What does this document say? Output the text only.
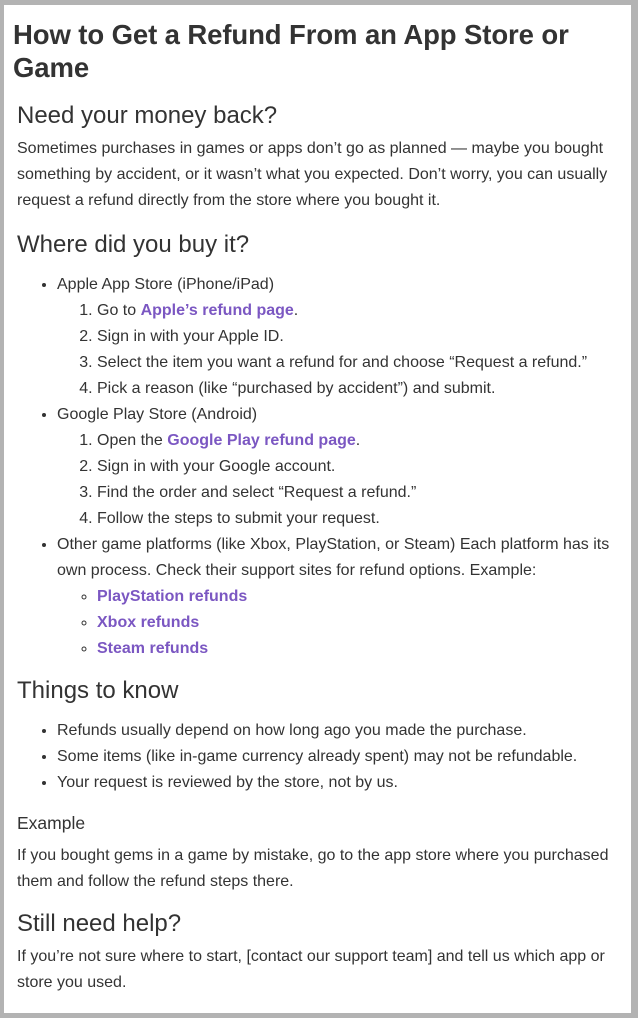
How to Get a Refund From an App Store or Game
Need your money back?

Sometimes purchases in games or apps don’t go as planned — maybe you bought something by accident, or it wasn’t what you expected. Don’t worry, you can usually request a refund directly from the store where you bought it.

Where did you buy it?
• Apple App Store (iPhone/iPad)
1. Go to Apple’s refund page.
2. Sign in with your Apple ID.
3. Select the item you want a refund for and choose “Request a refund.”
4. Pick a reason (like “purchased by accident”) and submit.
• Google Play Store (Android)
1. Open the Google Play refund page.
2. Sign in with your Google account.
3. Find the order and select “Request a refund.”
4. Follow the steps to submit your request.
• Other game platforms (like Xbox, PlayStation, or Steam) Each platform has its own process. Check their support sites for refund options. Example:
◦ PlayStation refunds
◦ Xbox refunds
◦ Steam refunds
Things to know
• Refunds usually depend on how long ago you made the purchase.
• Some items (like in-game currency already spent) may not be refundable.
• Your request is reviewed by the store, not by us.
Example

If you bought gems in a game by mistake, go to the app store where you purchased them and follow the refund steps there.

Still need help?

If you’re not sure where to start, [contact our support team] and tell us which app or store you used.
